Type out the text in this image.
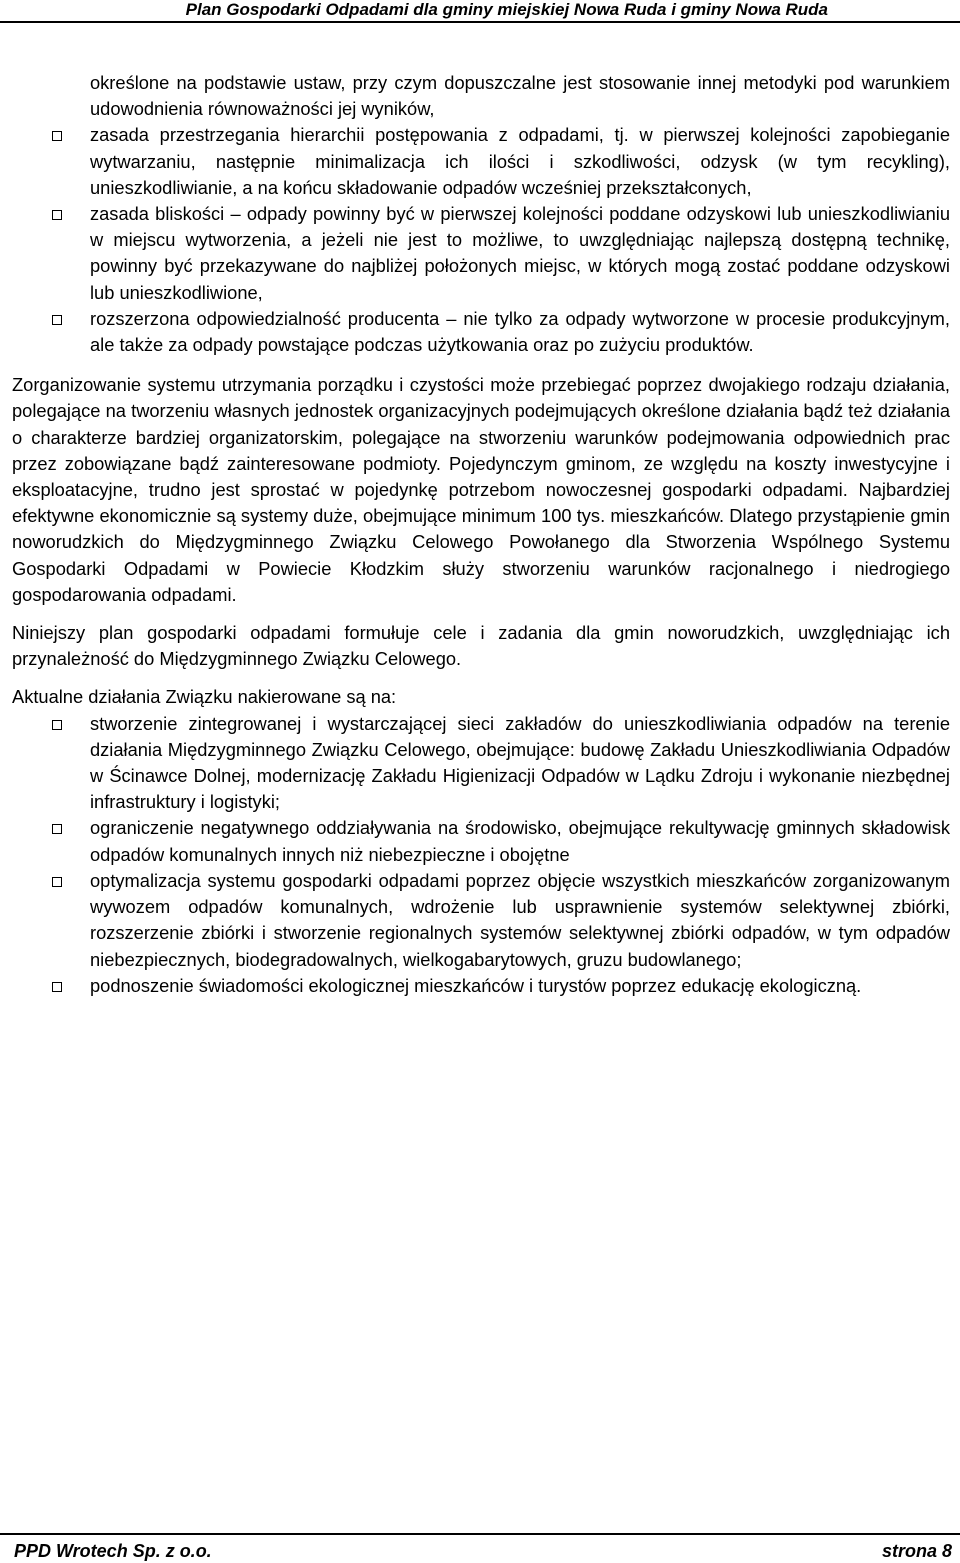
Plan Gospodarki Odpadami dla gminy miejskiej Nowa Ruda i gminy Nowa Ruda

określone na podstawie ustaw, przy czym dopuszczalne jest stosowanie innej metodyki pod warunkiem udowodnienia równoważności jej wyników,

zasada przestrzegania hierarchii postępowania z odpadami, tj. w pierwszej kolejności zapobieganie wytwarzaniu, następnie minimalizacja ich ilości i szkodliwości, odzysk (w tym recykling), unieszkodliwianie, a na końcu składowanie odpadów wcześniej przekształconych,
zasada bliskości – odpady powinny być w pierwszej kolejności poddane odzyskowi lub unieszkodliwianiu w miejscu wytworzenia, a jeżeli nie jest to możliwe, to uwzględniając najlepszą dostępną technikę, powinny być przekazywane do najbliżej położonych miejsc, w których mogą zostać poddane odzyskowi lub unieszkodliwione,
rozszerzona odpowiedzialność producenta – nie tylko za odpady wytworzone w procesie produkcyjnym, ale także za odpady powstające podczas użytkowania oraz po zużyciu produktów.

Zorganizowanie systemu utrzymania porządku i czystości może przebiegać poprzez dwojakiego rodzaju działania, polegające na tworzeniu własnych jednostek organizacyjnych podejmujących określone działania bądź też działania o charakterze bardziej organizatorskim, polegające na stworzeniu warunków podejmowania odpowiednich prac przez zobowiązane bądź zainteresowane podmioty. Pojedynczym gminom, ze względu na koszty inwestycyjne i eksploatacyjne, trudno jest sprostać w pojedynkę potrzebom nowoczesnej gospodarki odpadami. Najbardziej efektywne ekonomicznie są systemy duże, obejmujące minimum 100 tys. mieszkańców. Dlatego przystąpienie gmin noworudzkich do Międzygminnego Związku Celowego Powołanego dla Stworzenia Wspólnego Systemu Gospodarki Odpadami w Powiecie Kłodzkim służy stworzeniu warunków racjonalnego i niedrogiego gospodarowania odpadami.

Niniejszy plan gospodarki odpadami formułuje cele i zadania dla gmin noworudzkich, uwzględniając ich przynależność do Międzygminnego Związku Celowego.

Aktualne działania Związku nakierowane są na:

stworzenie zintegrowanej i wystarczającej sieci zakładów do unieszkodliwiania odpadów na terenie działania Międzygminnego Związku Celowego, obejmujące: budowę Zakładu Unieszkodliwiania Odpadów w Ścinawce Dolnej, modernizację Zakładu Higienizacji Odpadów w Lądku Zdroju i wykonanie niezbędnej infrastruktury i logistyki;
ograniczenie negatywnego oddziaływania na środowisko, obejmujące rekultywację gminnych składowisk odpadów komunalnych innych niż niebezpieczne i obojętne
optymalizacja systemu gospodarki odpadami poprzez objęcie wszystkich mieszkańców zorganizowanym wywozem odpadów komunalnych, wdrożenie lub usprawnienie systemów selektywnej zbiórki, rozszerzenie zbiórki i stworzenie regionalnych systemów selektywnej zbiórki odpadów, w tym odpadów niebezpiecznych, biodegradowalnych, wielkogabarytowych, gruzu budowlanego;
podnoszenie świadomości ekologicznej mieszkańców i turystów poprzez edukację ekologiczną.
PPD Wrotech Sp. z o.o.	strona 8
